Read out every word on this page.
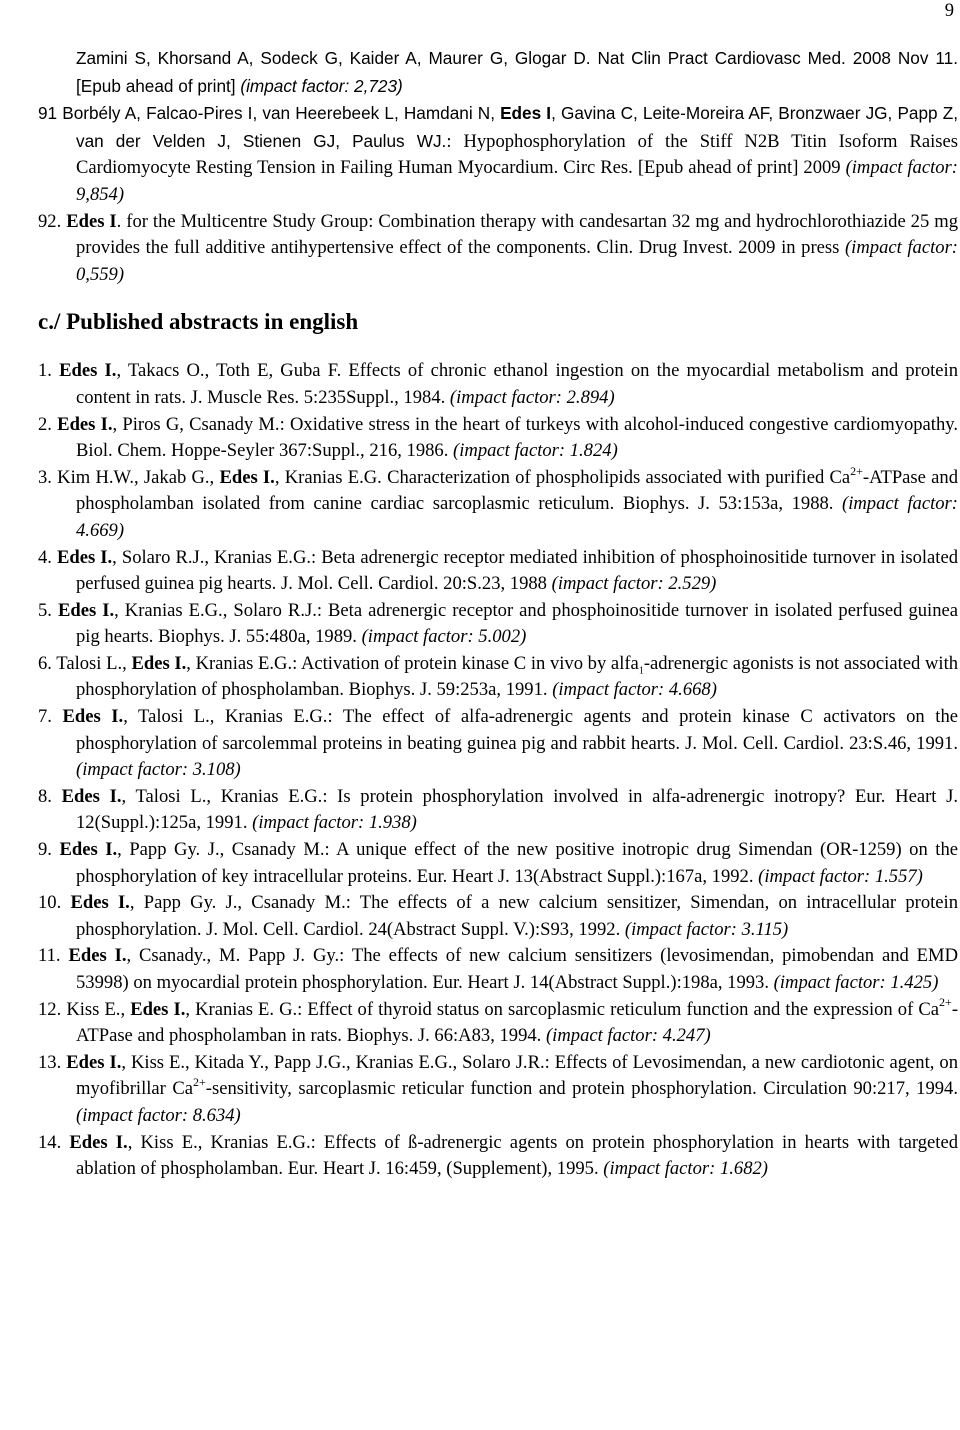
9

Zamini S, Khorsand A, Sodeck G, Kaider A, Maurer G, Glogar D. Nat Clin Pract Cardiovasc Med. 2008 Nov 11. [Epub ahead of print] (impact factor: 2,723)

91 Borbély A, Falcao-Pires I, van Heerebeek L, Hamdani N, Edes I, Gavina C, Leite-Moreira AF, Bronzwaer JG, Papp Z, van der Velden J, Stienen GJ, Paulus WJ.: Hypophosphorylation of the Stiff N2B Titin Isoform Raises Cardiomyocyte Resting Tension in Failing Human Myocardium. Circ Res. [Epub ahead of print] 2009 (impact factor: 9,854)

92. Edes I. for the Multicentre Study Group: Combination therapy with candesartan 32 mg and hydrochlorothiazide 25 mg provides the full additive antihypertensive effect of the components. Clin. Drug Invest. 2009 in press (impact factor: 0,559)

c./ Published abstracts in english

1. Edes I., Takacs O., Toth E, Guba F. Effects of chronic ethanol ingestion on the myocardial metabolism and protein content in rats. J. Muscle Res. 5:235Suppl., 1984. (impact factor: 2.894)

2. Edes I., Piros G, Csanady M.: Oxidative stress in the heart of turkeys with alcohol-induced congestive cardiomyopathy. Biol. Chem. Hoppe-Seyler 367:Suppl., 216, 1986. (impact factor: 1.824)

3. Kim H.W., Jakab G., Edes I., Kranias E.G. Characterization of phospholipids associated with purified $Ca^{2+}$-ATPase and phospholamban isolated from canine cardiac sarcoplasmic reticulum. Biophys. J. 53:153a, 1988. (impact factor: 4.669)

4. Edes I., Solaro R.J., Kranias E.G.: Beta adrenergic receptor mediated inhibition of phosphoinositide turnover in isolated perfused guinea pig hearts. J. Mol. Cell. Cardiol. 20:S.23, 1988 (impact factor: 2.529)

5. Edes I., Kranias E.G., Solaro R.J.: Beta adrenergic receptor and phosphoinositide turnover in isolated perfused guinea pig hearts. Biophys. J. 55:480a, 1989. (impact factor: 5.002)

6. Talosi L., Edes I., Kranias E.G.: Activation of protein kinase C in vivo by alfa$_1$-adrenergic agonists is not associated with phosphorylation of phospholamban. Biophys. J. 59:253a, 1991. (impact factor: 4.668)

7. Edes I., Talosi L., Kranias E.G.: The effect of alfa-adrenergic agents and protein kinase C activators on the phosphorylation of sarcolemmal proteins in beating guinea pig and rabbit hearts. J. Mol. Cell. Cardiol. 23:S.46, 1991. (impact factor: 3.108)

8. Edes I., Talosi L., Kranias E.G.: Is protein phosphorylation involved in alfa-adrenergic inotropy? Eur. Heart J. 12(Suppl.):125a, 1991. (impact factor: 1.938)

9. Edes I., Papp Gy. J., Csanady M.: A unique effect of the new positive inotropic drug Simendan (OR-1259) on the phosphorylation of key intracellular proteins. Eur. Heart J. 13(Abstract Suppl.):167a, 1992. (impact factor: 1.557)

10. Edes I., Papp Gy. J., Csanady M.: The effects of a new calcium sensitizer, Simendan, on intracellular protein phosphorylation. J. Mol. Cell. Cardiol. 24(Abstract Suppl. V.):S93, 1992. (impact factor: 3.115)

11. Edes I., Csanady., M. Papp J. Gy.: The effects of new calcium sensitizers (levosimendan, pimobendan and EMD 53998) on myocardial protein phosphorylation. Eur. Heart J. 14(Abstract Suppl.):198a, 1993. (impact factor: 1.425)

12. Kiss E., Edes I., Kranias E. G.: Effect of thyroid status on sarcoplasmic reticulum function and the expression of $Ca^{2+}$-ATPase and phospholamban in rats. Biophys. J. 66:A83, 1994. (impact factor: 4.247)

13. Edes I., Kiss E., Kitada Y., Papp J.G., Kranias E.G., Solaro J.R.: Effects of Levosimendan, a new cardiotonic agent, on myofibrillar $Ca^{2+}$-sensitivity, sarcoplasmic reticular function and protein phosphorylation. Circulation 90:217, 1994. (impact factor: 8.634)

14. Edes I., Kiss E., Kranias E.G.: Effects of ß-adrenergic agents on protein phosphorylation in hearts with targeted ablation of phospholamban. Eur. Heart J. 16:459, (Supplement), 1995. (impact factor: 1.682)
